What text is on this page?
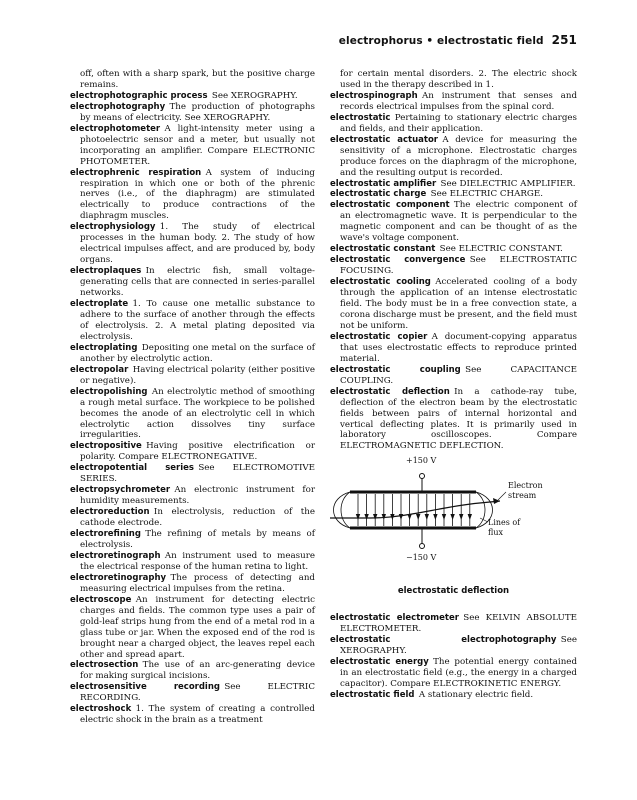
electrophorus • electrostatic field 251

off, often with a sharp spark, but the positive charge remains.

electrophotographic process  See XEROGRAPHY.

electrophotography  The production of photographs by means of electricity. See XEROGRAPHY.

electrophotometer  A light-intensity meter using a photoelectric sensor and a meter, but usually not incorporating an amplifier. Compare ELECTRONIC PHOTOMETER.

electrophrenic respiration  A system of inducing respiration in which one or both of the phrenic nerves (i.e., of the diaphragm) are stimulated electrically to produce contractions of the diaphragm muscles.

electrophysiology  1. The study of electrical processes in the human body. 2. The study of how electrical impulses affect, and are produced by, body organs.

electroplaques  In electric fish, small voltage-generating cells that are connected in series-parallel networks.

electroplate  1. To cause one metallic substance to adhere to the surface of another through the effects of electrolysis. 2. A metal plating deposited via electrolysis.

electroplating  Depositing one metal on the surface of another by electrolytic action.

electropolar  Having electrical polarity (either positive or negative).

electropolishing  An electrolytic method of smoothing a rough metal surface. The workpiece to be polished becomes the anode of an electrolytic cell in which electrolytic action dissolves tiny surface irregularities.

electropositive  Having positive electrification or polarity. Compare ELECTRONEGATIVE.

electropotential series  See ELECTROMOTIVE SERIES.

electropsychrometer  An electronic instrument for humidity measurements.

electroreduction  In electrolysis, reduction of the cathode electrode.

electrorefining  The refining of metals by means of electrolysis.

electroretinograph  An instrument used to measure the electrical response of the human retina to light.

electroretinography  The process of detecting and measuring electrical impulses from the retina.

electroscope  An instrument for detecting electric charges and fields. The common type uses a pair of gold-leaf strips hung from the end of a metal rod in a glass tube or jar. When the exposed end of the rod is brought near a charged object, the leaves repel each other and spread apart.

electrosection  The use of an arc-generating device for making surgical incisions.

electrosensitive recording  See ELECTRIC RECORDING.

electroshock  1. The system of creating a controlled electric shock in the brain as a treatment

for certain mental disorders. 2. The electric shock used in the therapy described in 1.

electrospinograph  An instrument that senses and records electrical impulses from the spinal cord.

electrostatic  Pertaining to stationary electric charges and fields, and their application.

electrostatic actuator  A device for measuring the sensitivity of a microphone. Electrostatic charges produce forces on the diaphragm of the microphone, and the resulting output is recorded.

electrostatic amplifier  See DIELECTRIC AMPLIFIER.

electrostatic charge  See ELECTRIC CHARGE.

electrostatic component  The electric component of an electromagnetic wave. It is perpendicular to the magnetic component and can be thought of as the wave's voltage component.

electrostatic constant  See ELECTRIC CONSTANT.

electrostatic convergence  See ELECTROSTATIC FOCUSING.

electrostatic cooling  Accelerated cooling of a body through the application of an intense electrostatic field. The body must be in a free convection state, a corona discharge must be present, and the field must not be uniform.

electrostatic copier  A document-copying apparatus that uses electrostatic effects to reproduce printed material.

electrostatic coupling  See CAPACITANCE COUPLING.

electrostatic deflection  In a cathode-ray tube, deflection of the electron beam by the electrostatic fields between pairs of internal horizontal and vertical deflecting plates. It is primarily used in laboratory oscilloscopes. Compare ELECTROMAGNETIC DEFLECTION.

+150 V
−150 V
Electron
stream
Lines of
flux
electrostatic deflection

electrostatic electrometer  See KELVIN ABSOLUTE ELECTROMETER.

electrostatic electrophotography  See XEROGRAPHY.

electrostatic energy  The potential energy contained in an electrostatic field (e.g., the energy in a charged capacitor). Compare ELECTROKINETIC ENERGY.

electrostatic field  A stationary electric field.
